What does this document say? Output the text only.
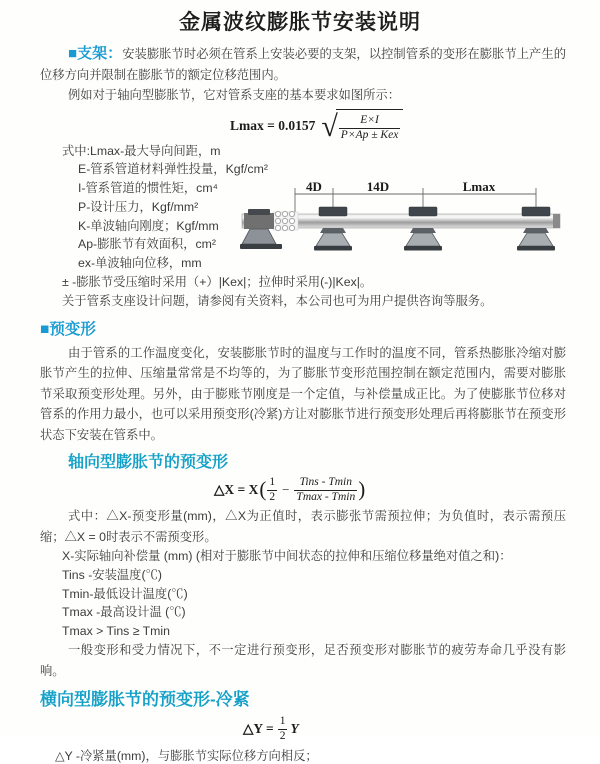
金属波纹膨胀节安装说明

■支架：安装膨胀节时必须在管系上安装必要的支架，以控制管系的变形在膨胀节上产生的位移方向并限制在膨胀节的额定位移范围内。

例如对于轴向型膨胀节，它对管系支座的基本要求如图所示：

Lmax = 0.0157 √ $\frac{E\times I}{\text{P×Ap ± Kex}}$
式中:Lmax-最大导向间距，m
E-管系管道材料弹性投量，Kgf/cm²
I-管系管道的惯性矩，cm⁴
P-设计压力，Kgf/mm²
K-单波轴向刚度；Kgf/mm
Ap-膨胀节有效面积，cm²
ex-单波轴向位移，mm
± -膨胀节受压缩时采用（+）|Kex|；拉伸时采用(-)|Kex|。
关于管系支座设计问题，请参阅有关资料，本公司也可为用户提供咨询等服务。
4D	14D	Lmax
■预变形

由于管系的工作温度变化，安装膨胀节时的温度与工作时的温度不同，管系热膨胀冷缩对膨胀节产生的拉伸、压缩量常常是不均等的，为了膨胀节变形范围控制在额定范围内，需要对膨胀节采取预变形处理。另外，由于膨账节刚度是一个定值，与补偿量成正比。为了使膨胀节位移对管系的作用力最小，也可以采用预变形(冷紧)方让对膨胀节进行预变形处理后再将膨胀节在预变形状态下安装在管系中。

轴向型膨胀节的预变形
△X = X ( $\frac{1}{2} - \frac{\text{Tins - Tmin}}{Tmax - Tmin}$ )

式中：△X-预变形量(mm)，△X为正值时，表示膨张节需预拉伸；为负值时，表示需预压缩；△X = 0时表示不需预变形。

X-实际轴向补偿量 (mm) (相对于膨胀节中间状态的拉伸和压缩位移量绝对值之和)：
Tins -安装温度(℃)
Tmin-最低设计温度(℃)
Tmax -最高设计温 (℃)
Tmax > Tins ≥ Tmin

一般变形和受力情况下，不一定进行预变形，足否预变形对膨胀节的疲劳寿命几乎没有影响。

横向型膨胀节的预变形-冷紧
△Y = $\frac{1}{2}$ Y
△Y -冷紧量(mm)，与膨胀节实际位移方向相反；
